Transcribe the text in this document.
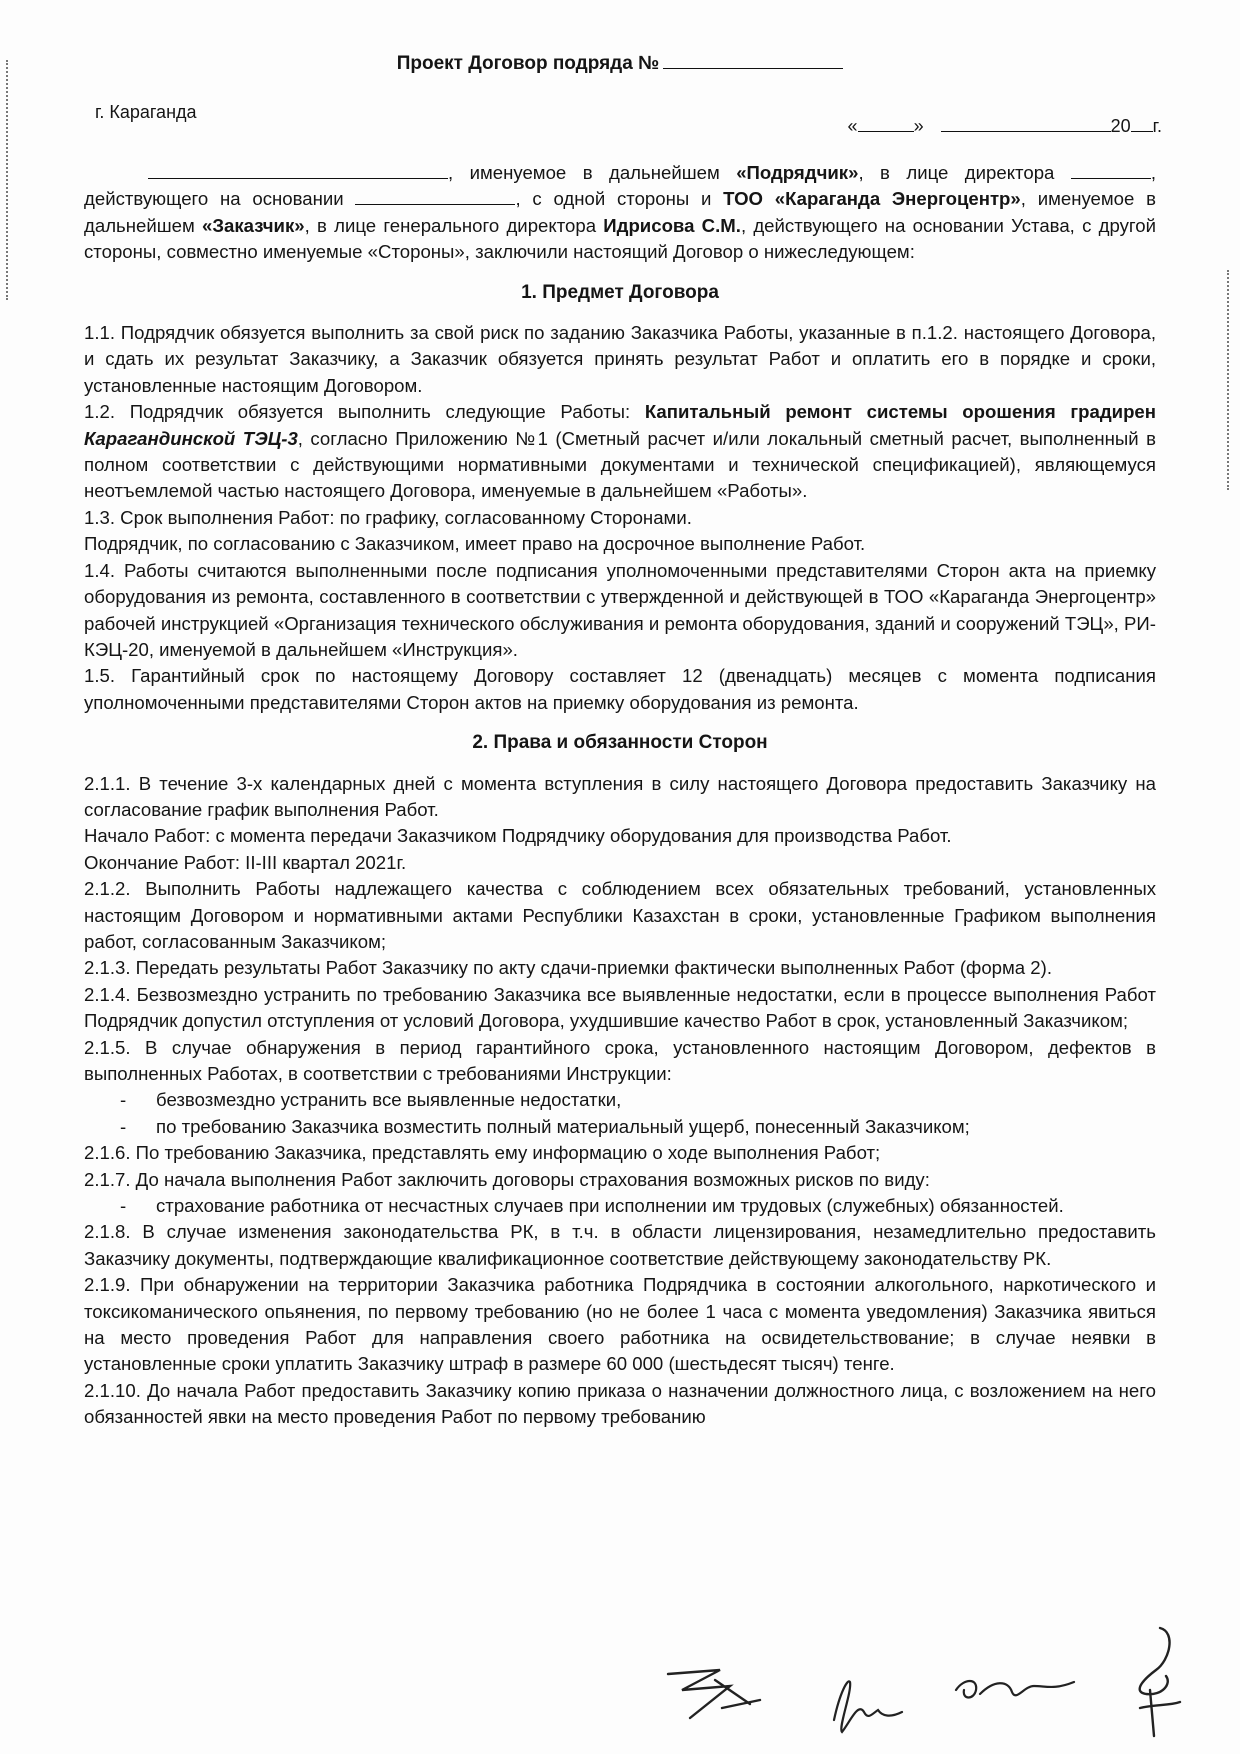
Проект Договор подряда №
г. Караганда
«	»	20 г.

, именуемое в дальнейшем «Подрядчик», в лице директора	, действующего на основании	, с одной стороны и ТОО «Караганда Энергоцентр», именуемое в дальнейшем «Заказчик», в лице генерального директора Идрисова С.М., действующего на основании Устава, с другой стороны, совместно именуемые «Стороны», заключили настоящий Договор о нижеследующем:

1. Предмет Договора

1.1. Подрядчик обязуется выполнить за свой риск по заданию Заказчика Работы, указанные в п.1.2. настоящего Договора, и сдать их результат Заказчику, а Заказчик обязуется принять результат Работ и оплатить его в порядке и сроки, установленные настоящим Договором.

1.2. Подрядчик обязуется выполнить следующие Работы: Капитальный ремонт системы орошения градирен Карагандинской ТЭЦ-3, согласно Приложению №1 (Сметный расчет и/или локальный сметный расчет, выполненный в полном соответствии с действующими нормативными документами и технической спецификацией), являющемуся неотъемлемой частью настоящего Договора, именуемые в дальнейшем «Работы».

1.3. Срок выполнения Работ: по графику, согласованному Сторонами.

Подрядчик, по согласованию с Заказчиком, имеет право на досрочное выполнение Работ.

1.4. Работы считаются выполненными после подписания уполномоченными представителями Сторон акта на приемку оборудования из ремонта, составленного в соответствии с утвержденной и действующей в ТОО «Караганда Энергоцентр» рабочей инструкцией «Организация технического обслуживания и ремонта оборудования, зданий и сооружений ТЭЦ», РИ-КЭЦ-20, именуемой в дальнейшем «Инструкция».

1.5. Гарантийный срок по настоящему Договору составляет 12 (двенадцать) месяцев с момента подписания уполномоченными представителями Сторон актов на приемку оборудования из ремонта.

2. Права и обязанности Сторон

2.1.1. В течение 3-х календарных дней с момента вступления в силу настоящего Договора предоставить Заказчику на согласование график выполнения Работ.

Начало Работ: с момента передачи Заказчиком Подрядчику оборудования для производства Работ.

Окончание Работ: II-III квартал 2021г.

2.1.2. Выполнить Работы надлежащего качества с соблюдением всех обязательных требований, установленных настоящим Договором и нормативными актами Республики Казахстан в сроки, установленные Графиком выполнения работ, согласованным Заказчиком;

2.1.3. Передать результаты Работ Заказчику по акту сдачи-приемки фактически выполненных Работ (форма 2).

2.1.4. Безвозмездно устранить по требованию Заказчика все выявленные недостатки, если в процессе выполнения Работ Подрядчик допустил отступления от условий Договора, ухудшившие качество Работ в срок, установленный Заказчиком;

2.1.5. В случае обнаружения в период гарантийного срока, установленного настоящим Договором, дефектов в выполненных Работах, в соответствии с требованиями Инструкции:

- безвозмездно устранить все выявленные недостатки,

- по требованию Заказчика возместить полный материальный ущерб, понесенный Заказчиком;

2.1.6. По требованию Заказчика, представлять ему информацию о ходе выполнения Работ;

2.1.7. До начала выполнения Работ заключить договоры страхования возможных рисков по виду:

- страхование работника от несчастных случаев при исполнении им трудовых (служебных) обязанностей.

2.1.8. В случае изменения законодательства РК, в т.ч. в области лицензирования, незамедлительно предоставить Заказчику документы, подтверждающие квалификационное соответствие действующему законодательству РК.

2.1.9. При обнаружении на территории Заказчика работника Подрядчика в состоянии алкогольного, наркотического и токсикоманического опьянения, по первому требованию (но не более 1 часа с момента уведомления) Заказчика явиться на место проведения Работ для направления своего работника на освидетельствование; в случае неявки в установленные сроки уплатить Заказчику штраф в размере 60 000 (шестьдесят тысяч) тенге.

2.1.10. До начала Работ предоставить Заказчику копию приказа о назначении должностного лица, с возложением на него обязанностей явки на место проведения Работ по первому требованию
